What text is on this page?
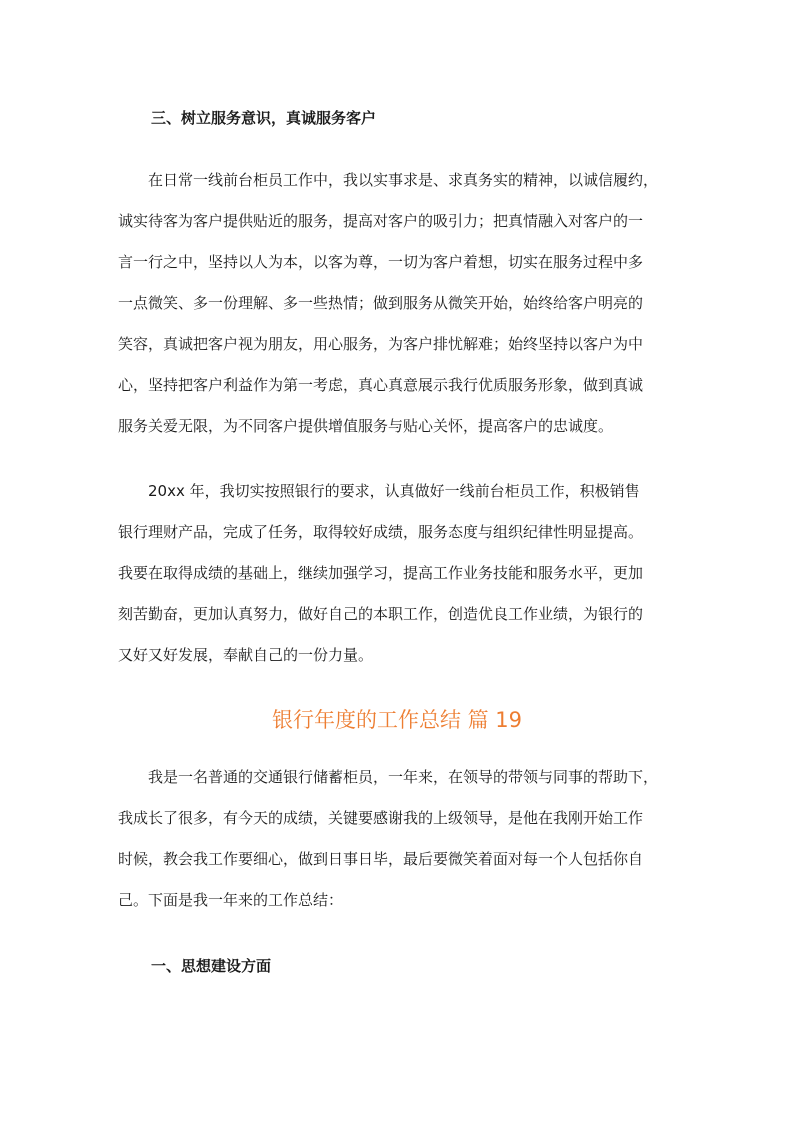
三、树立服务意识，真诚服务客户
　　在日常一线前台柜员工作中，我以实事求是、求真务实的精神，以诚信履约，
诚实待客为客户提供贴近的服务，提高对客户的吸引力；把真情融入对客户的一
言一行之中，坚持以人为本，以客为尊，一切为客户着想，切实在服务过程中多
一点微笑、多一份理解、多一些热情；做到服务从微笑开始，始终给客户明亮的
笑容，真诚把客户视为朋友，用心服务，为客户排忧解难；始终坚持以客户为中
心，坚持把客户利益作为第一考虑，真心真意展示我行优质服务形象，做到真诚
服务关爱无限，为不同客户提供增值服务与贴心关怀，提高客户的忠诚度。
　　20xx 年，我切实按照银行的要求，认真做好一线前台柜员工作，积极销售
银行理财产品，完成了任务，取得较好成绩，服务态度与组织纪律性明显提高。
我要在取得成绩的基础上，继续加强学习，提高工作业务技能和服务水平，更加
刻苦勤奋，更加认真努力，做好自己的本职工作，创造优良工作业绩，为银行的
又好又好发展，奉献自己的一份力量。
银行年度的工作总结 篇 19
　　我是一名普通的交通银行储蓄柜员，一年来，在领导的带领与同事的帮助下，
我成长了很多，有今天的成绩，关键要感谢我的上级领导，是他在我刚开始工作
时候，教会我工作要细心，做到日事日毕，最后要微笑着面对每一个人包括你自
己。下面是我一年来的工作总结：
一、思想建设方面
